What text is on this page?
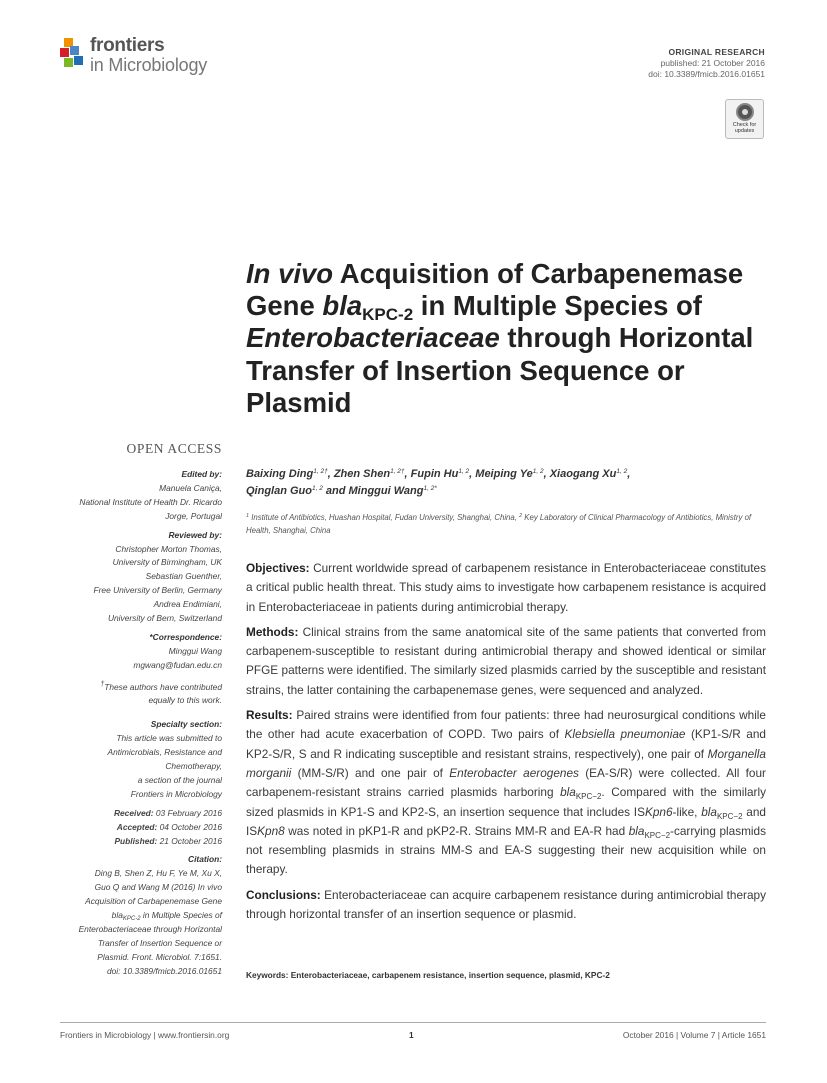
frontiers
in Microbiology
ORIGINAL RESEARCH
published: 21 October 2016
doi: 10.3389/fmicb.2016.01651
Check for
updates
In vivo Acquisition of Carbapenemase Gene bla$_{KPC-2}$ in Multiple Species of Enterobacteriaceae through Horizontal Transfer of Insertion Sequence or Plasmid
OPEN ACCESS
Edited by:
Manuela Caniça,
National Institute of Health Dr. Ricardo
Jorge, Portugal
Reviewed by:
Christopher Morton Thomas,
University of Birmingham, UK
Sebastian Guenther,
Free University of Berlin, Germany
Andrea Endimiani,
University of Bern, Switzerland
*Correspondence:
Minggui Wang
mgwang@fudan.edu.cn
†These authors have contributed
equally to this work.
Specialty section:
This article was submitted to
Antimicrobials, Resistance and
Chemotherapy,
a section of the journal
Frontiers in Microbiology
Received: 03 February 2016
Accepted: 04 October 2016
Published: 21 October 2016
Citation:
Ding B, Shen Z, Hu F, Ye M, Xu X,
Guo Q and Wang M (2016) In vivo
Acquisition of Carbapenemase Gene
bla$_{KPC-2}$ in Multiple Species of
Enterobacteriaceae through Horizontal
Transfer of Insertion Sequence or
Plasmid. Front. Microbiol. 7:1651.
doi: 10.3389/fmicb.2016.01651
Baixing Ding$^{1, 2\dagger}$, Zhen Shen$^{1, 2\dagger}$, Fupin Hu$^{1, 2}$, Meiping Ye$^{1, 2}$, Xiaogang Xu$^{1, 2}$,
Qinglan Guo$^{1, 2}$ and Minggui Wang$^{1, 2*}$
$^1$ Institute of Antibiotics, Huashan Hospital, Fudan University, Shanghai, China, $^2$ Key Laboratory of Clinical Pharmacology of Antibiotics, Ministry of Health, Shanghai, China

Objectives: Current worldwide spread of carbapenem resistance in Enterobacteriaceae constitutes a critical public health threat. This study aims to investigate how carbapenem resistance is acquired in Enterobacteriaceae in patients during antimicrobial therapy.

Methods: Clinical strains from the same anatomical site of the same patients that converted from carbapenem-susceptible to resistant during antimicrobial therapy and showed identical or similar PFGE patterns were identified. The similarly sized plasmids carried by the susceptible and resistant strains, the latter containing the carbapenemase genes, were sequenced and analyzed.

Results: Paired strains were identified from four patients: three had neurosurgical conditions while the other had acute exacerbation of COPD. Two pairs of Klebsiella pneumoniae (KP1-S/R and KP2-S/R, S and R indicating susceptible and resistant strains, respectively), one pair of Morganella morganii (MM-S/R) and one pair of Enterobacter aerogenes (EA-S/R) were collected. All four carbapenem-resistant strains carried plasmids harboring bla$_{KPC-2}$. Compared with the similarly sized plasmids in KP1-S and KP2-S, an insertion sequence that includes ISKpn6-like, bla$_{KPC-2}$ and ISKpn8 was noted in pKP1-R and pKP2-R. Strains MM-R and EA-R had bla$_{KPC-2}$-carrying plasmids not resembling plasmids in strains MM-S and EA-S suggesting their new acquisition while on therapy.

Conclusions: Enterobacteriaceae can acquire carbapenem resistance during antimicrobial therapy through horizontal transfer of an insertion sequence or plasmid.

Keywords: Enterobacteriaceae, carbapenem resistance, insertion sequence, plasmid, KPC-2
Frontiers in Microbiology | www.frontiersin.org	1	October 2016 | Volume 7 | Article 1651
